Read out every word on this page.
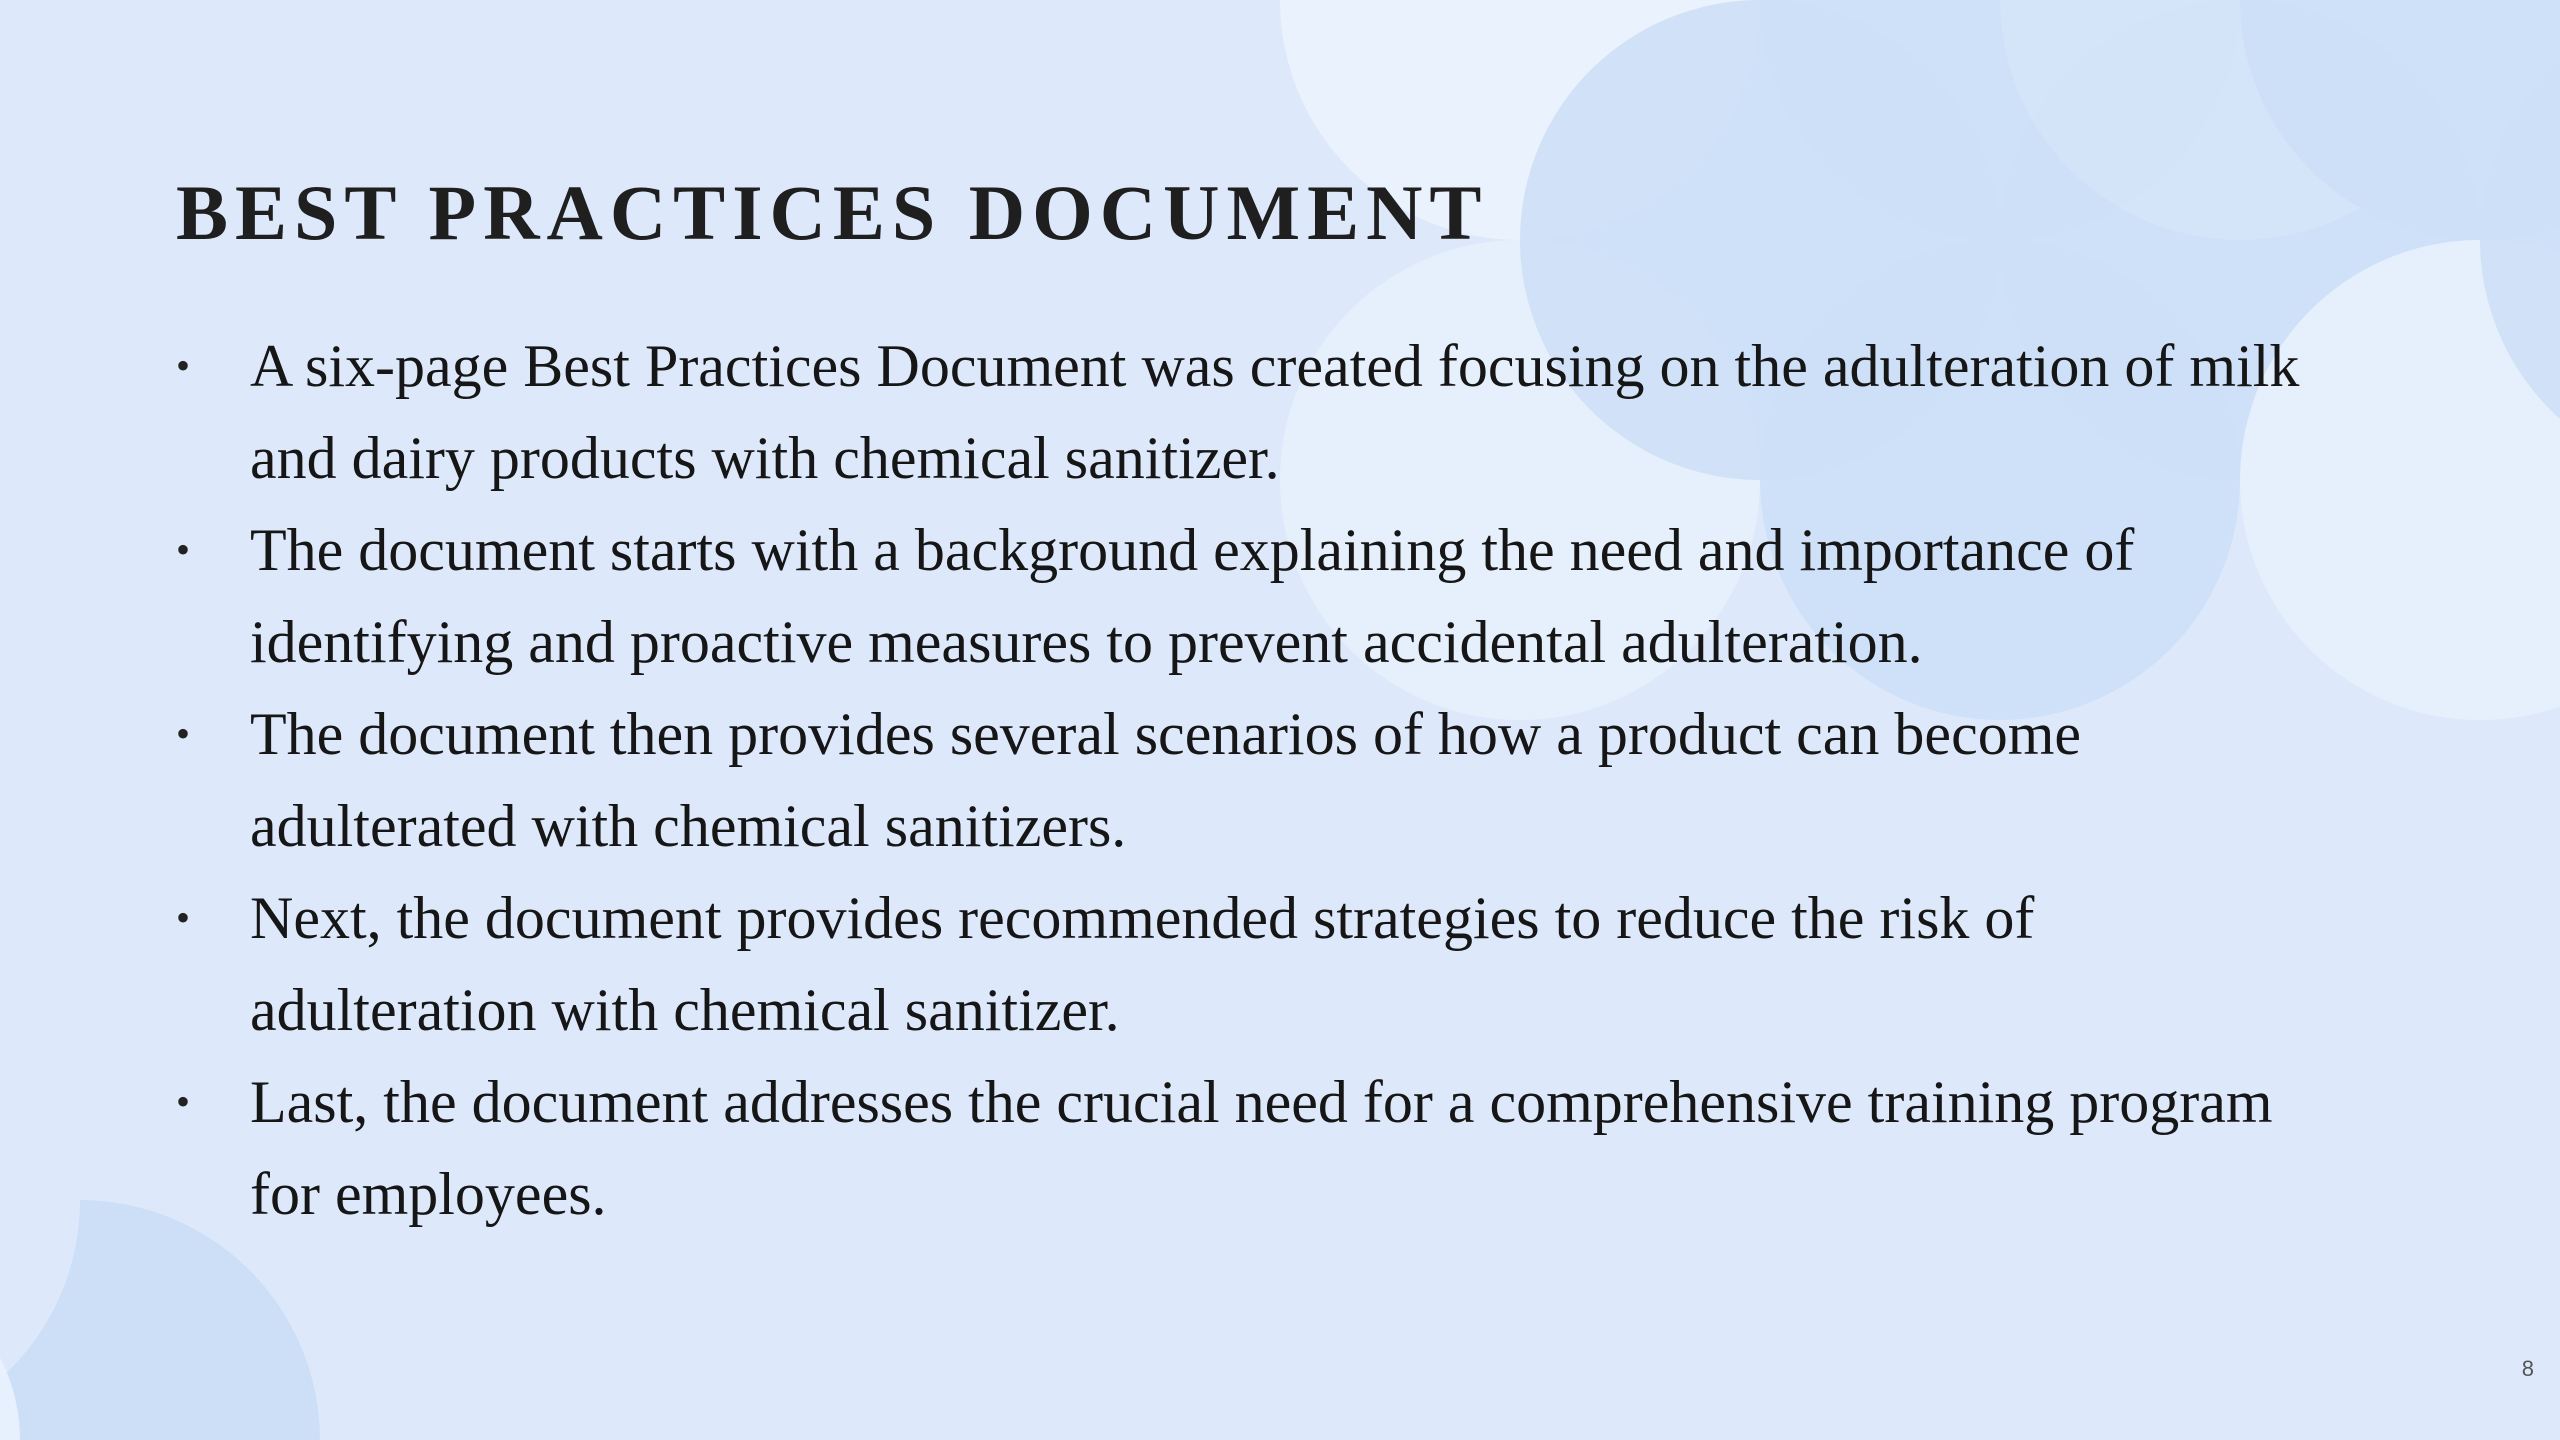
BEST PRACTICES DOCUMENT
• A six-page Best Practices Document was created focusing on the adulteration of milk and dairy products with chemical sanitizer.
• The document starts with a background explaining the need and importance of identifying and proactive measures to prevent accidental adulteration.
• The document then provides several scenarios of how a product can become adulterated with chemical sanitizers.
• Next, the document provides recommended strategies to reduce the risk of adulteration with chemical sanitizer.
• Last, the document addresses the crucial need for a comprehensive training program for employees.
8
